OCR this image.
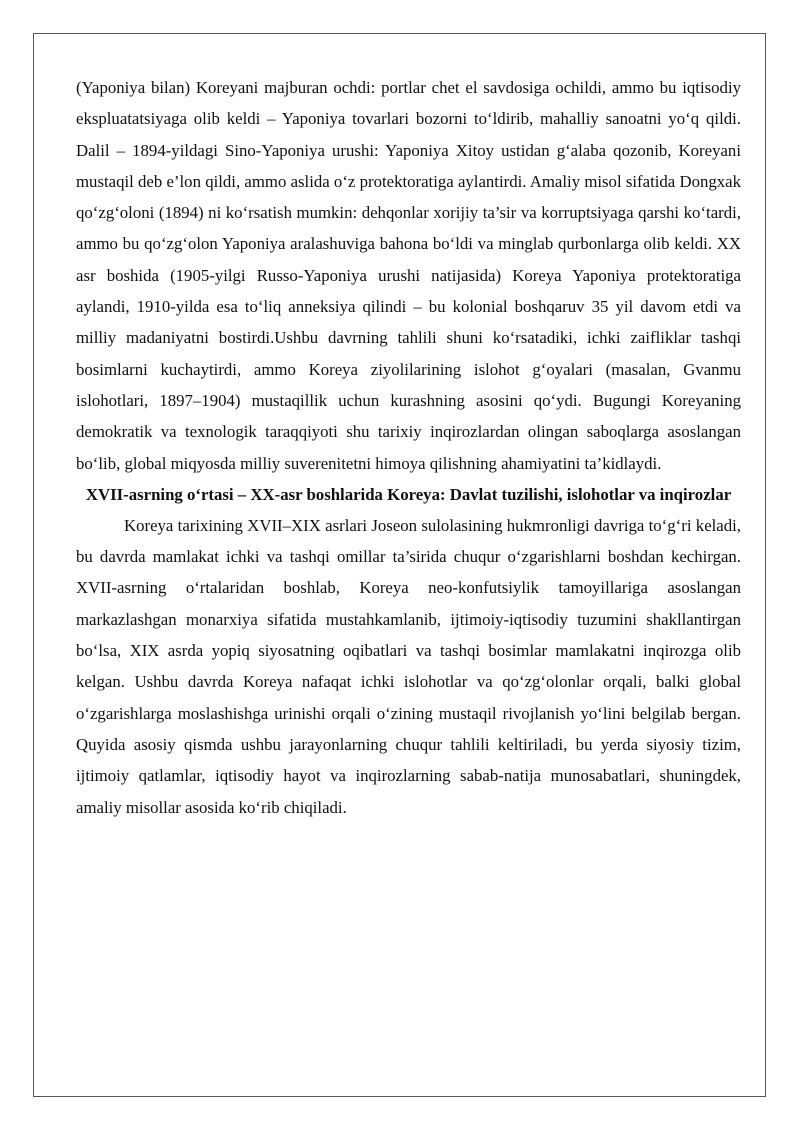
(Yaponiya bilan) Koreyani majburan ochdi: portlar chet el savdosiga ochildi, ammo bu iqtisodiy ekspluatatsiyaga olib keldi – Yaponiya tovarlari bozorni to‘ldirib, mahalliy sanoatni yo‘q qildi. Dalil – 1894-yildagi Sino-Yaponiya urushi: Yaponiya Xitoy ustidan g‘alaba qozonib, Koreyani mustaqil deb e’lon qildi, ammo aslida o‘z protektoratiga aylantirdi. Amaliy misol sifatida Dongxak qo‘zg‘oloni (1894) ni ko‘rsatish mumkin: dehqonlar xorijiy ta’sir va korruptsiyaga qarshi ko‘tardi, ammo bu qo‘zg‘olon Yaponiya aralashuviga bahona bo‘ldi va minglab qurbonlarga olib keldi. XX asr boshida (1905-yilgi Russo-Yaponiya urushi natijasida) Koreya Yaponiya protektoratiga aylandi, 1910-yilda esa to‘liq anneksiya qilindi – bu kolonial boshqaruv 35 yil davom etdi va milliy madaniyatni bostirdi.Ushbu davrning tahlili shuni ko‘rsatadiki, ichki zaifliklar tashqi bosimlarni kuchaytirdi, ammo Koreya ziyolilarining islohot g‘oyalari (masalan, Gvanmu islohotlari, 1897–1904) mustaqillik uchun kurashning asosini qo‘ydi. Bugungi Koreyaning demokratik va texnologik taraqqiyoti shu tarixiy inqirozlardan olingan saboqlarga asoslangan bo‘lib, global miqyosda milliy suverenitetni himoya qilishning ahamiyatini ta’kidlaydi.

XVII-asrning o‘rtasi – XX-asr boshlarida Koreya: Davlat tuzilishi, islohotlar va inqirozlar

Koreya tarixining XVII–XIX asrlari Joseon sulolasining hukmronligi davriga to‘g‘ri keladi, bu davrda mamlakat ichki va tashqi omillar ta’sirida chuqur o‘zgarishlarni boshdan kechirgan. XVII-asrning o‘rtalaridan boshlab, Koreya neo-konfutsiylik tamoyillariga asoslangan markazlashgan monarxiya sifatida mustahkamlanib, ijtimoiy-iqtisodiy tuzumini shakllantirgan bo‘lsa, XIX asrda yopiq siyosatning oqibatlari va tashqi bosimlar mamlakatni inqirozga olib kelgan. Ushbu davrda Koreya nafaqat ichki islohotlar va qo‘zg‘olonlar orqali, balki global o‘zgarishlarga moslashishga urinishi orqali o‘zining mustaqil rivojlanish yo‘lini belgilab bergan. Quyida asosiy qismda ushbu jarayonlarning chuqur tahlili keltiriladi, bu yerda siyosiy tizim, ijtimoiy qatlamlar, iqtisodiy hayot va inqirozlarning sabab-natija munosabatlari, shuningdek, amaliy misollar asosida ko‘rib chiqiladi.
